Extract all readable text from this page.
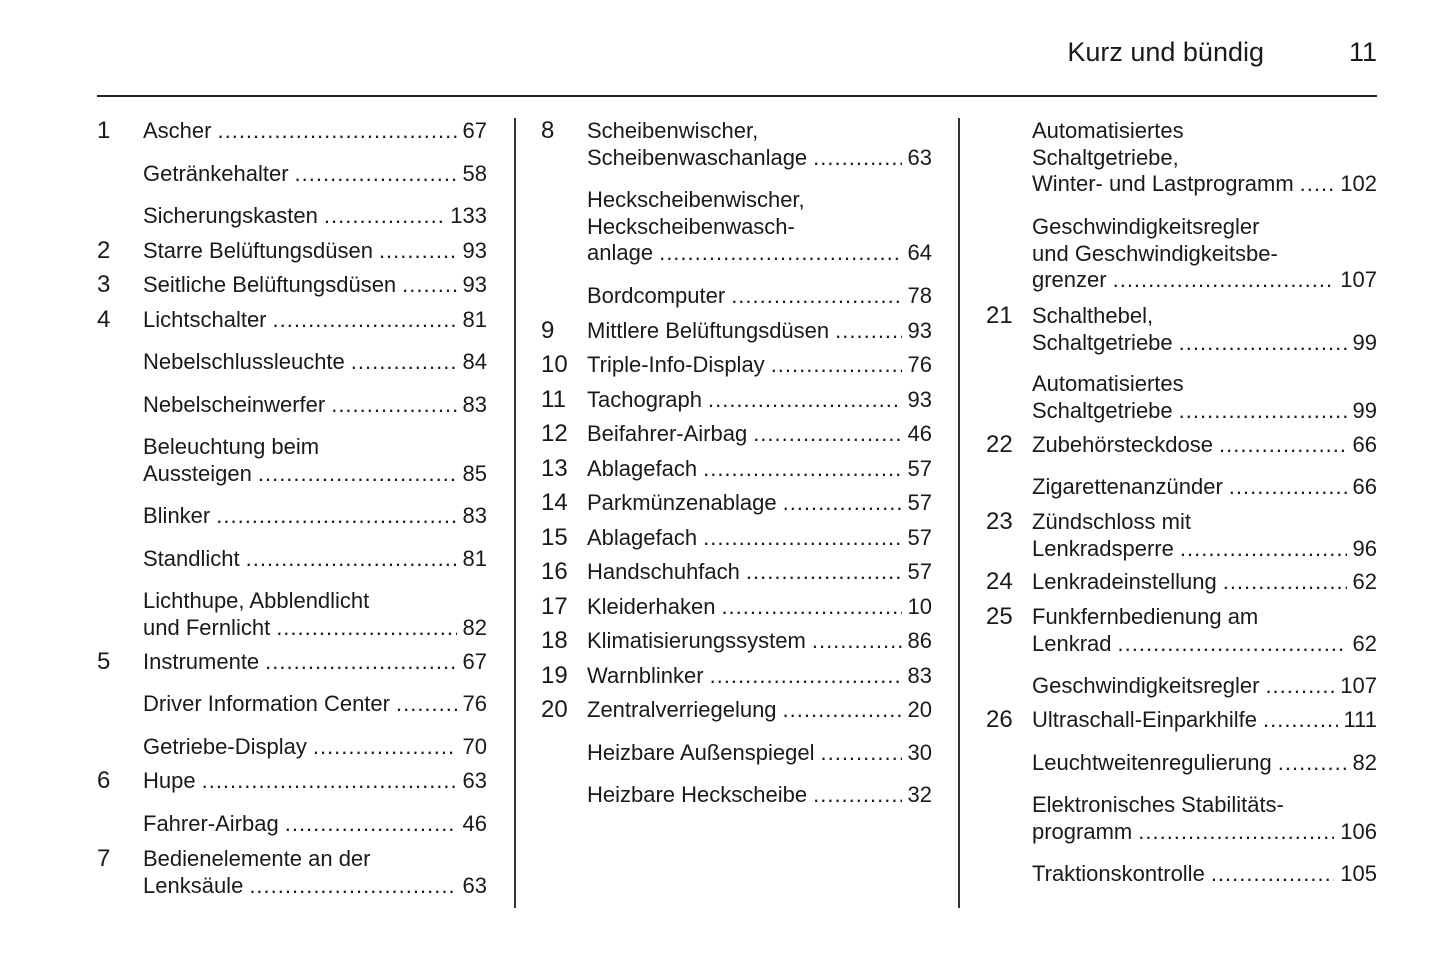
Kurz und bündig	11
1 Ascher .....	67
Getränkehalter .....	58
Sicherungskasten .....	133
2 Starre Belüftungsdüsen .....	93
3 Seitliche Belüftungsdüsen .....	93
4 Lichtschalter .....	81
Nebelschlussleuchte .....	84
Nebelscheinwerfer .....	83
Beleuchtung beim
Aussteigen .....	85
Blinker .....	83
Standlicht .....	81
Lichthupe, Abblendlicht
und Fernlicht .....	82
5 Instrumente .....	67
Driver Information Center .....	76
Getriebe-Display .....	70
6 Hupe .....	63
Fahrer-Airbag .....	46
7 Bedienelemente an der
Lenksäule .....	63
8 Scheibenwischer,
Scheibenwaschanlage .....	63
Heckscheibenwischer,
Heckscheibenwasch-
anlage .....	64
Bordcomputer .....	78
9 Mittlere Belüftungsdüsen .....	93
10 Triple-Info-Display .....	76
11 Tachograph .....	93
12 Beifahrer-Airbag .....	46
13 Ablagefach .....	57
14 Parkmünzenablage .....	57
15 Ablagefach .....	57
16 Handschuhfach .....	57
17 Kleiderhaken .....	10
18 Klimatisierungssystem .....	86
19 Warnblinker .....	83
20 Zentralverriegelung .....	20
Heizbare Außenspiegel .....	30
Heizbare Heckscheibe .....	32
Automatisiertes
Schaltgetriebe,
Winter- und Lastprogramm ..... 102
Geschwindigkeitsregler
und Geschwindigkeitsbe-
grenzer .....	107
21 Schalthebel,
Schaltgetriebe .....	99
Automatisiertes
Schaltgetriebe .....	99
22 Zubehörsteckdose .....	66
Zigarettenanzünder .....	66
23 Zündschloss mit
Lenkradsperre .....	96
24 Lenkradeinstellung .....	62
25 Funkfernbedienung am
Lenkrad .....	62
Geschwindigkeitsregler .....	107
26 Ultraschall-Einparkhilfe .....	111
Leuchtweitenregulierung .....	82
Elektronisches Stabilitäts-
programm .....	106
Traktionskontrolle .....	105
